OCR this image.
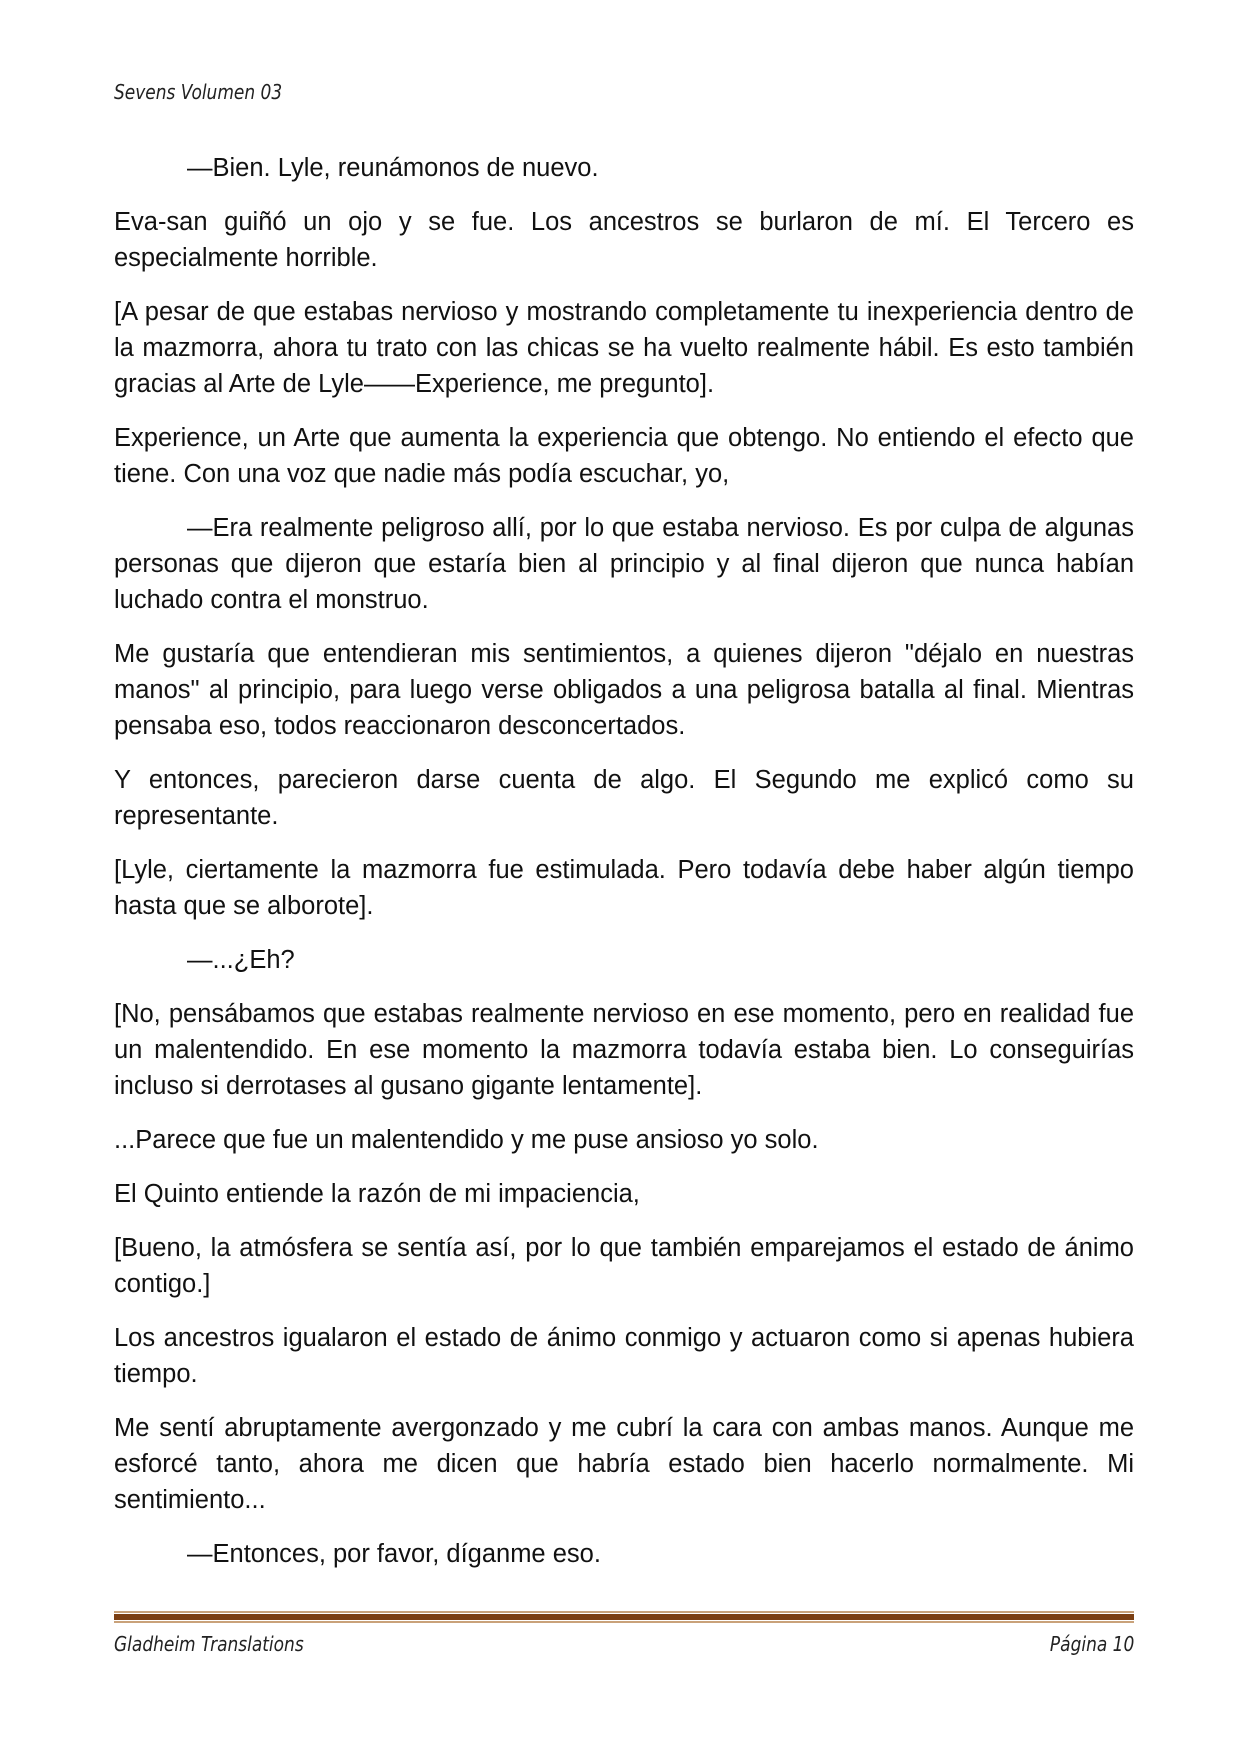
Sevens Volumen 03

—Bien. Lyle, reunámonos de nuevo.

Eva-san guiñó un ojo y se fue. Los ancestros se burlaron de mí. El Tercero es especialmente horrible.

[A pesar de que estabas nervioso y mostrando completamente tu inexperiencia dentro de la mazmorra, ahora tu trato con las chicas se ha vuelto realmente hábil. Es esto también gracias al Arte de Lyle——Experience, me pregunto].

Experience, un Arte que aumenta la experiencia que obtengo. No entiendo el efecto que tiene. Con una voz que nadie más podía escuchar, yo,

—Era realmente peligroso allí, por lo que estaba nervioso. Es por culpa de algunas personas que dijeron que estaría bien al principio y al final dijeron que nunca habían luchado contra el monstruo.

Me gustaría que entendieran mis sentimientos, a quienes dijeron "déjalo en nuestras manos" al principio, para luego verse obligados a una peligrosa batalla al final. Mientras pensaba eso, todos reaccionaron desconcertados.

Y entonces, parecieron darse cuenta de algo. El Segundo me explicó como su representante.

[Lyle, ciertamente la mazmorra fue estimulada. Pero todavía debe haber algún tiempo hasta que se alborote].

—...¿Eh?

[No, pensábamos que estabas realmente nervioso en ese momento, pero en realidad fue un malentendido. En ese momento la mazmorra todavía estaba bien. Lo conseguirías incluso si derrotases al gusano gigante lentamente].

...Parece que fue un malentendido y me puse ansioso yo solo.

El Quinto entiende la razón de mi impaciencia,

[Bueno, la atmósfera se sentía así, por lo que también emparejamos el estado de ánimo contigo.]

Los ancestros igualaron el estado de ánimo conmigo y actuaron como si apenas hubiera tiempo.

Me sentí abruptamente avergonzado y me cubrí la cara con ambas manos. Aunque me esforcé tanto, ahora me dicen que habría estado bien hacerlo normalmente. Mi sentimiento...

—Entonces, por favor, díganme eso.

Gladheim Translations	Página 10
